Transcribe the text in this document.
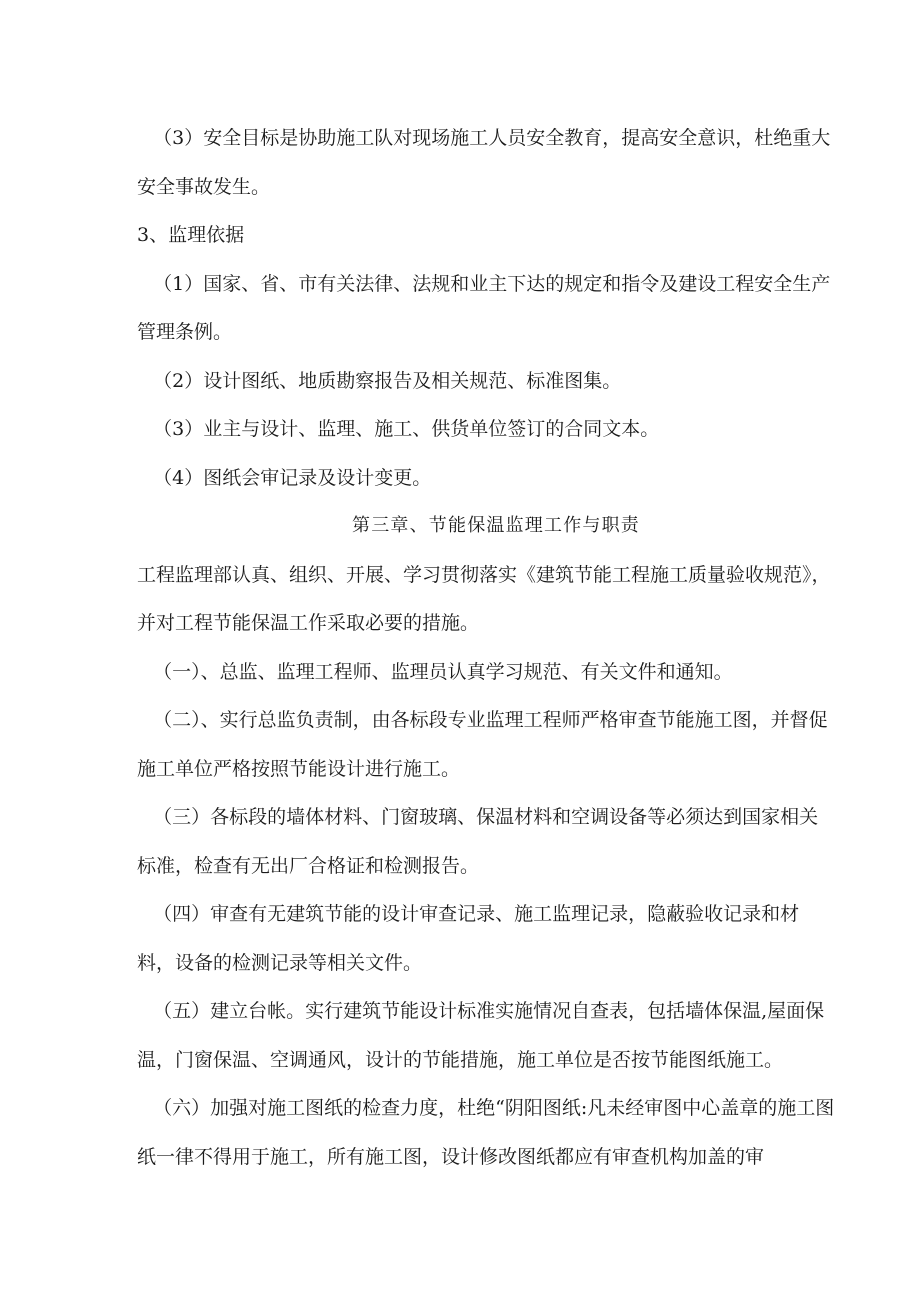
（3）安全目标是协助施工队对现场施工人员安全教育，提高安全意识，杜绝重大安全事故发生。

3、监理依据

（1）国家、省、市有关法律、法规和业主下达的规定和指令及建设工程安全生产管理条例。

（2）设计图纸、地质勘察报告及相关规范、标准图集。

（3）业主与设计、监理、施工、供货单位签订的合同文本。

（4）图纸会审记录及设计变更。

第三章、节能保温监理工作与职责

工程监理部认真、组织、开展、学习贯彻落实《建筑节能工程施工质量验收规范》，并对工程节能保温工作采取必要的措施。

（一）、总监、监理工程师、监理员认真学习规范、有关文件和通知。

（二）、实行总监负责制，由各标段专业监理工程师严格审查节能施工图，并督促施工单位严格按照节能设计进行施工。

（三）各标段的墙体材料、门窗玻璃、保温材料和空调设备等必须达到国家相关标准，检查有无出厂合格证和检测报告。

（四）审查有无建筑节能的设计审查记录、施工监理记录，隐蔽验收记录和材料，设备的检测记录等相关文件。

（五）建立台帐。实行建筑节能设计标准实施情况自查表，包括墙体保温,屋面保温，门窗保温、空调通风，设计的节能措施，施工单位是否按节能图纸施工。

（六）加强对施工图纸的检查力度，杜绝“阴阳图纸:凡未经审图中心盖章的施工图纸一律不得用于施工，所有施工图，设计修改图纸都应有审查机构加盖的审
